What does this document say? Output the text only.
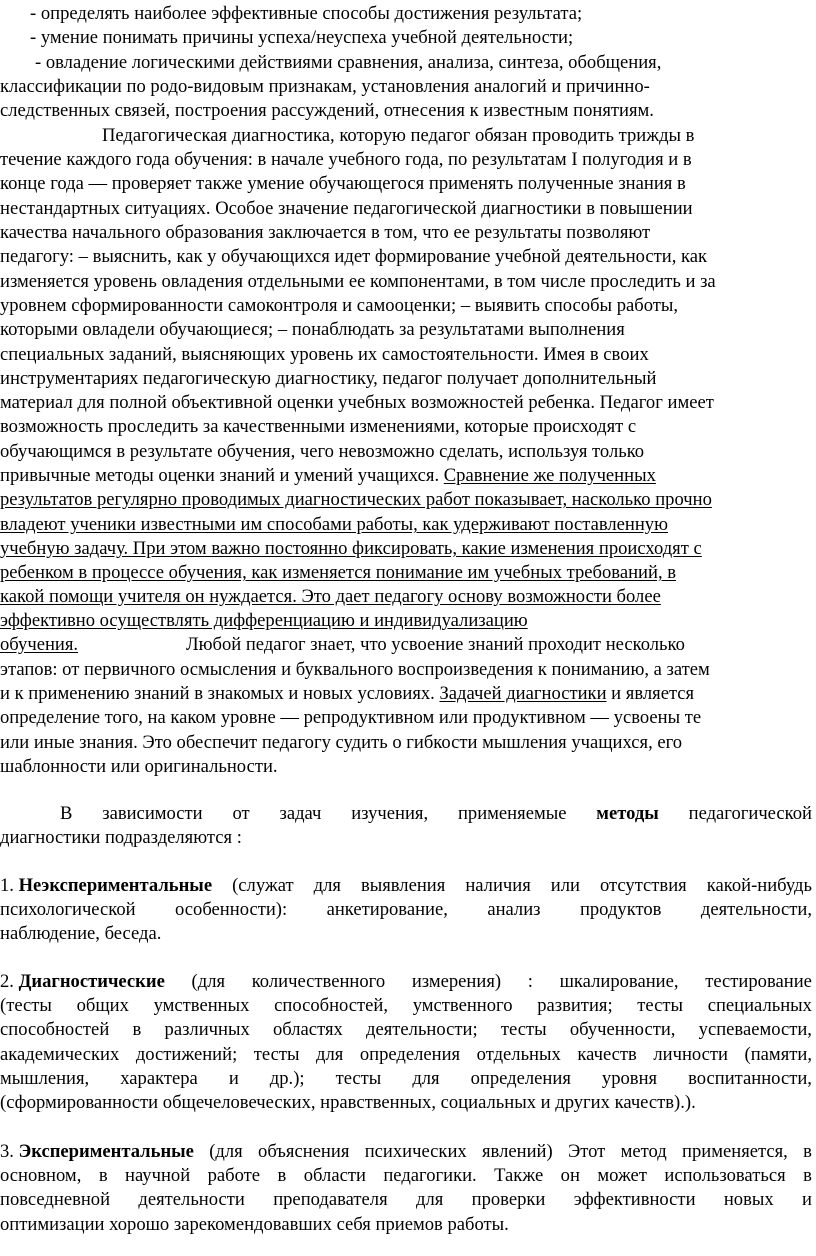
- определять наиболее эффективные способы достижения результата;
- умение понимать причины успеха/неуспеха учебной деятельности;
- овладение логическими действиями сравнения, анализа, синтеза, обобщения,
классификации по родо-видовым признакам, установления аналогий и причинно-
следственных связей, построения рассуждений, отнесения к известным понятиям.
Педагогическая диагностика, которую педагог обязан проводить трижды в
течение каждого года обучения: в начале учебного года, по результатам I полугодия и в
конце года — проверяет также умение обучающегося применять полученные знания в
нестандартных ситуациях. Особое значение педагогической диагностики в повышении
качества начального образования заключается в том, что ее результаты позволяют
педагогу: – выяснить, как у обучающихся идет формирование учебной деятельности, как
изменяется уровень овладения отдельными ее компонентами, в том числе проследить и за
уровнем сформированности самоконтроля и самооценки; – выявить способы работы,
которыми овладели обучающиеся; – понаблюдать за результатами выполнения
специальных заданий, выясняющих уровень их самостоятельности. Имея в своих
инструментариях педагогическую диагностику, педагог получает дополнительный
материал для полной объективной оценки учебных возможностей ребенка. Педагог имеет
возможность проследить за качественными изменениями, которые происходят с
обучающимся в результате обучения, чего невозможно сделать, используя только
привычные методы оценки знаний и умений учащихся. Сравнение же полученных
результатов регулярно проводимых диагностических работ показывает, насколько прочно
владеют ученики известными им способами работы, как удерживают поставленную
учебную задачу. При этом важно постоянно фиксировать, какие изменения происходят с
ребенком в процессе обучения, как изменяется понимание им учебных требований, в
какой помощи учителя он нуждается. Это дает педагогу основу возможности более
эффективно осуществлять дифференциацию и индивидуализацию
обучения.	Любой педагог знает, что усвоение знаний проходит несколько
этапов: от первичного осмысления и буквального воспроизведения к пониманию, а затем
и к применению знаний в знакомых и новых условиях. Задачей диагностики и является
определение того, на каком уровне — репродуктивном или продуктивном — усвоены те
или иные знания. Это обеспечит педагогу судить о гибкости мышления учащихся, его
шаблонности или оригинальности.
В зависимости от задач изучения, применяемые методы педагогической
диагностики подразделяются :
1. Неэкспериментальные (служат для выявления наличия или отсутствия какой-нибудь
психологической особенности): анкетирование, анализ продуктов деятельности,
наблюдение, беседа.
2. Диагностические (для количественного измерения) : шкалирование, тестирование
(тесты общих умственных способностей, умственного развития; тесты специальных
способностей в различных областях деятельности; тесты обученности, успеваемости,
академических достижений; тесты для определения отдельных качеств личности (памяти,
мышления, характера и др.); тесты для определения уровня воспитанности,
(сформированности общечеловеческих, нравственных, социальных и других качеств).).
3. Экспериментальные (для объяснения психических явлений) Этот метод применяется, в
основном, в научной работе в области педагогики. Также он может использоваться в
повседневной деятельности преподавателя для проверки эффективности новых и
оптимизации хорошо зарекомендовавших себя приемов работы.
